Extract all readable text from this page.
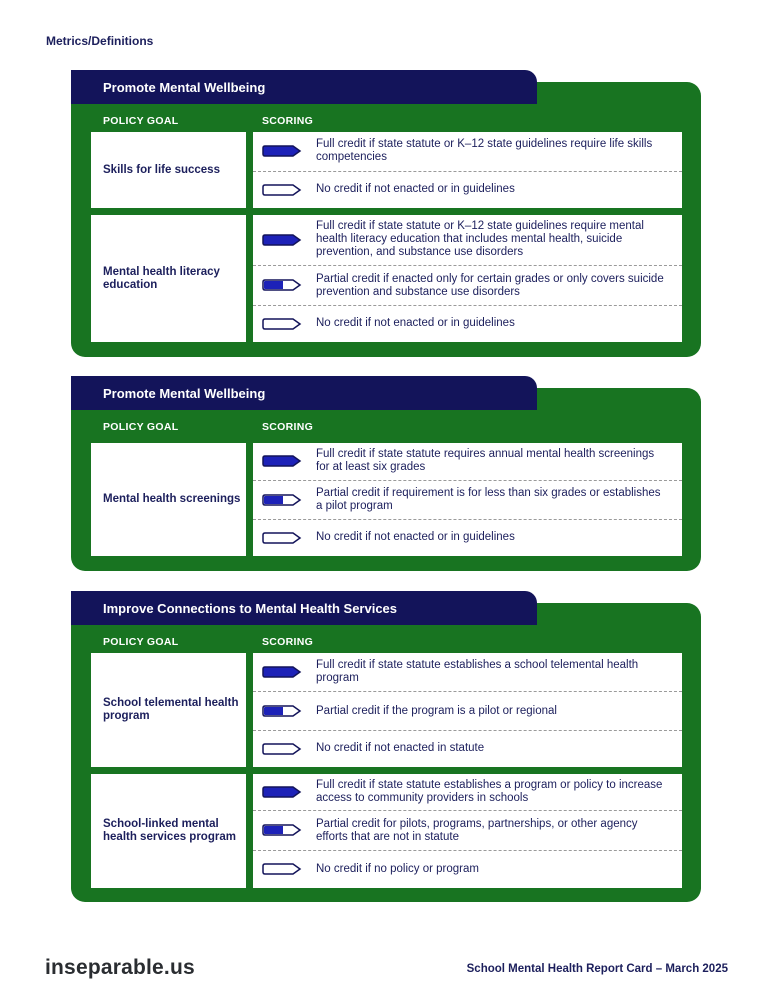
Metrics/Definitions
Promote Mental Wellbeing
POLICY GOAL	SCORING
Skills for life success
Full credit if state statute or K–12 state guidelines require life skills competencies
No credit if not enacted or in guidelines
Mental health literacy education
Full credit if state statute or K–12 state guidelines require mental health literacy education that includes mental health, suicide prevention, and substance use disorders
Partial credit if enacted only for certain grades or only covers suicide prevention and substance use disorders
No credit if not enacted or in guidelines
Promote Mental Wellbeing
POLICY GOAL	SCORING
Mental health screenings
Full credit if state statute requires annual mental health screenings for at least six grades
Partial credit if requirement is for less than six grades or establishes a pilot program
No credit if not enacted or in guidelines
Improve Connections to Mental Health Services
POLICY GOAL	SCORING
School telemental health program
Full credit if state statute establishes a school telemental health program
Partial credit if the program is a pilot or regional
No credit if not enacted in statute
School-linked mental health services program
Full credit if state statute establishes a program or policy to increase access to community providers in schools
Partial credit for pilots, programs, partnerships, or other agency efforts that are not in statute
No credit if no policy or program
inseparable.us	School Mental Health Report Card – March 2025
